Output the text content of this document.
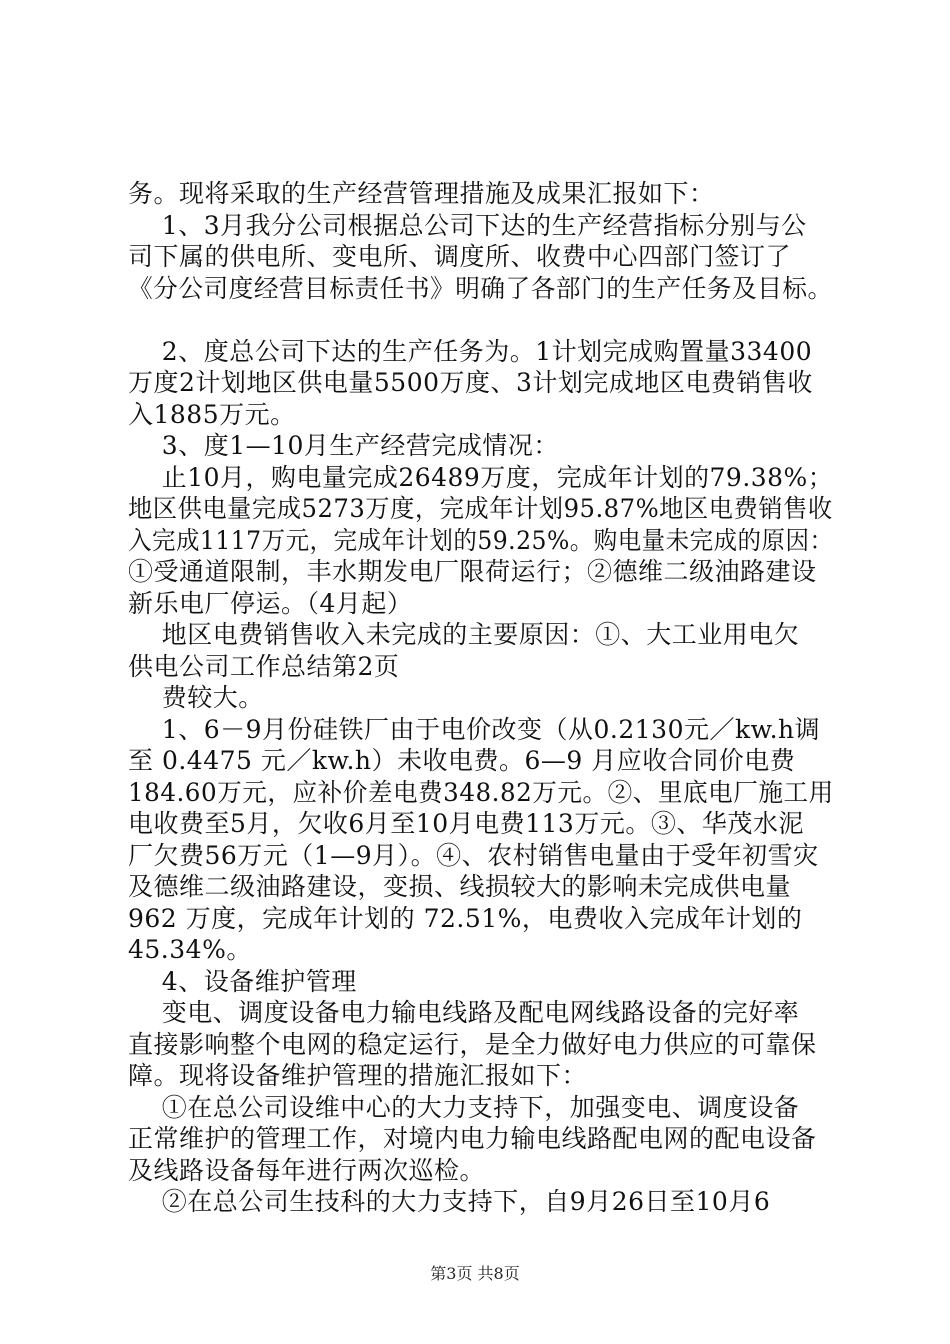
务。现将采取的生产经营管理措施及成果汇报如下：
1、3月我分公司根据总公司下达的生产经营指标分别与公
司下属的供电所、变电所、调度所、收费中心四部门签订了
《分公司度经营目标责任书》明确了各部门的生产任务及目标。
2、度总公司下达的生产任务为。1计划完成购置量33400
万度2计划地区供电量5500万度、3计划完成地区电费销售收
入1885万元。
3、度1—10月生产经营完成情况：
止10月，购电量完成26489万度，完成年计划的79.38%；
地区供电量完成5273万度，完成年计划95.87%地区电费销售收
入完成1117万元，完成年计划的59.25%。购电量未完成的原因：
①受通道限制，丰水期发电厂限荷运行；②德维二级油路建设
新乐电厂停运。（4月起）
地区电费销售收入未完成的主要原因：①、大工业用电欠
供电公司工作总结第2页
费较大。
1、6－9月份硅铁厂由于电价改变（从0.2130元／kw.h调
至 0.4475 元／kw.h）未收电费。6—9 月应收合同价电费
184.60万元，应补价差电费348.82万元。②、里底电厂施工用
电收费至5月，欠收6月至10月电费113万元。③、华茂水泥
厂欠费56万元（1—9月）。④、农村销售电量由于受年初雪灾
及德维二级油路建设，变损、线损较大的影响未完成供电量
962 万度，完成年计划的 72.51%，电费收入完成年计划的
45.34%。
4、设备维护管理
变电、调度设备电力输电线路及配电网线路设备的完好率
直接影响整个电网的稳定运行，是全力做好电力供应的可靠保
障。现将设备维护管理的措施汇报如下：
①在总公司设维中心的大力支持下，加强变电、调度设备
正常维护的管理工作，对境内电力输电线路配电网的配电设备
及线路设备每年进行两次巡检。
②在总公司生技科的大力支持下，自9月26日至10月6
第3页 共8页
